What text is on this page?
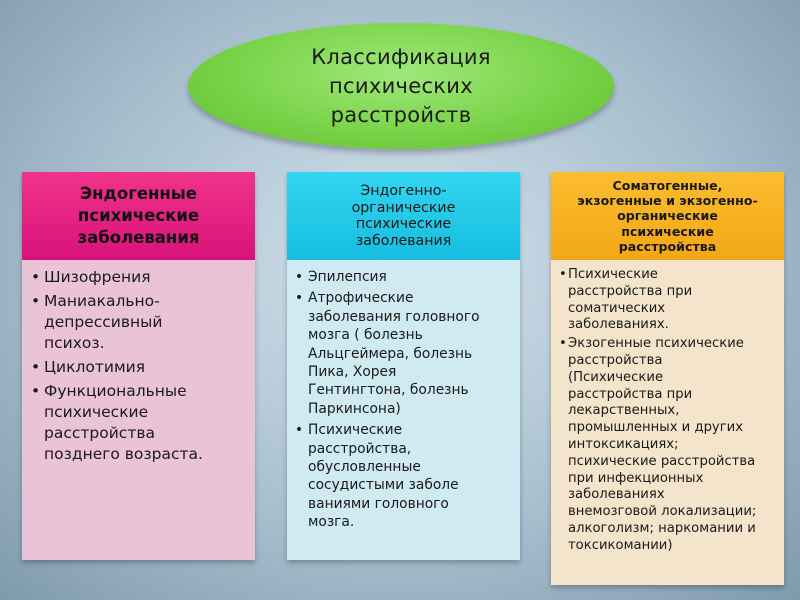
Классификация
психических
расстройств
Эндогенные
психические
заболевания
• Шизофрения
• Маниакально-
депрессивный
психоз.
• Циклотимия
• Функциональные
психические
расстройства
позднего возраста.
Эндогенно-
органические
психические
заболевания
• Эпилепсия
• Атрофические
заболевания головного
мозга ( болезнь
Альцгеймера, болезнь
Пика, Хорея
Гентингтона, болезнь
Паркинсона)
• Психические
расстройства,
обусловленные
сосудистыми заболе
ваниями головного
мозга.
Соматогенные,
экзогенные и экзогенно-
органические
психические
расстройства
• Психические
расстройства при
соматических
заболеваниях.
• Экзогенные психические
расстройства
(Психические
расстройства при
лекарственных,
промышленных и других
интоксикациях;
психические расстройства
при инфекционных
заболеваниях
внемозговой локализации;
алкоголизм; наркомании и
токсикомании)
